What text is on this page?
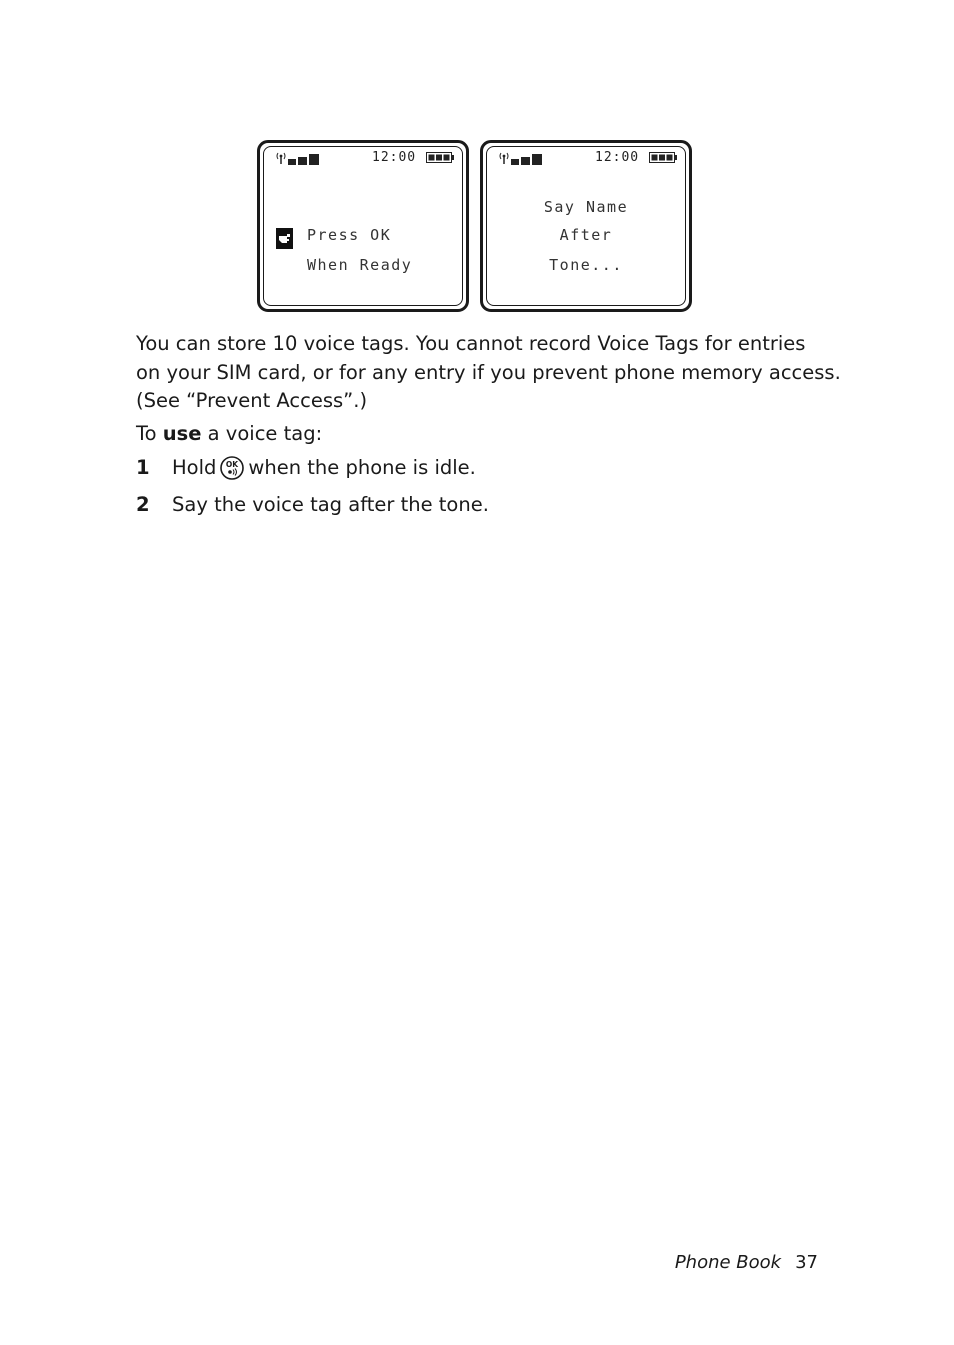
12:00
Press OK
When Ready
12:00
Say Name
After
Tone...
You can store 10 voice tags. You cannot record Voice Tags for entries
on your SIM card, or for any entry if you prevent phone memory access.
(See “Prevent Access”.)
To use a voice tag:
1 Hold OK when the phone is idle.
2 Say the voice tag after the tone.
Phone Book 37
